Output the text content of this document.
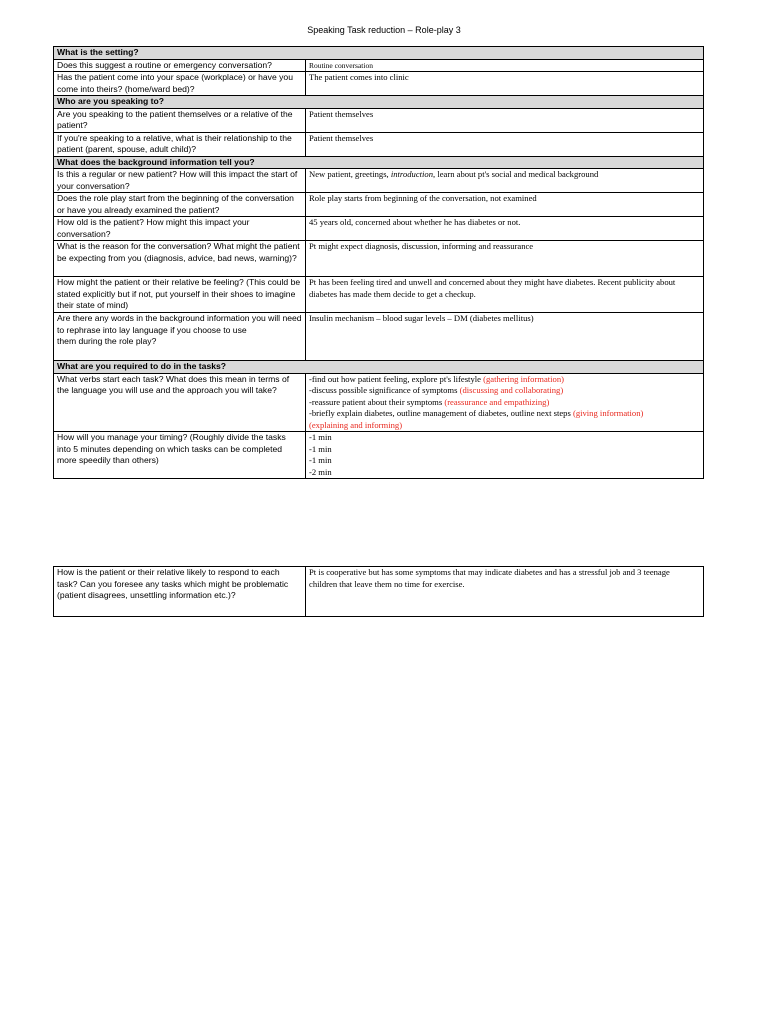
Speaking Task reduction – Role-play 3
What is the setting?	
Does this suggest a routine or emergency conversation?	Routine conversation
Has the patient come into your space (workplace) or have you come into theirs? (home/ward bed)?	The patient comes into clinic
Who are you speaking to?	
Are you speaking to the patient themselves or a relative of the patient?	Patient themselves
If you're speaking to a relative, what is their relationship to the patient (parent, spouse, adult child)?	Patient themselves
What does the background information tell you?	
Is this a regular or new patient? How will this impact the start of your conversation?	New patient, greetings, introduction, learn about pt's social and medical background
Does the role play start from the beginning of the conversation or have you already examined the patient?	Role play starts from beginning of the conversation, not examined
How old is the patient? How might this impact your conversation?	45 years old, concerned about whether he has diabetes or not.
What is the reason for the conversation? What might the patient be expecting from you (diagnosis, advice, bad news, warning)?	Pt might expect diagnosis, discussion, informing and reassurance
How might the patient or their relative be feeling? (This could be stated explicitly but if not, put yourself in their shoes to imagine their state of mind)	Pt has been feeling tired and unwell and concerned about they might have diabetes. Recent publicity about diabetes has made them decide to get a checkup.

Are there any words in the background information you will need to rephrase into lay language if you choose to use
them during the role play?	Insulin mechanism – blood sugar levels – DM (diabetes mellitus)
What are you required to do in the tasks?	
What verbs start each task? What does this mean in terms of the language you will use and the approach you will take?	-find out how patient feeling, explore pt's lifestyle (gathering information)
-discuss possible significance of symptoms (discussing and collaborating)
-reassure patient about their symptoms (reassurance and empathizing)
-briefly explain diabetes, outline management of diabetes, outline next steps (giving information)
(explaining and informing)

How will you manage your timing? (Roughly divide the tasks into 5 minutes depending on which tasks can be completed more speedily than others)	-1 min
-1 min
-1 min
-2 min
How is the patient or their relative likely to respond to each task? Can you foresee any tasks which might be problematic (patient disagrees, unsettling information etc.)?	Pt is cooperative but has some symptoms that may indicate diabetes and has a stressful job and 3 teenage children that leave them no time for exercise.
